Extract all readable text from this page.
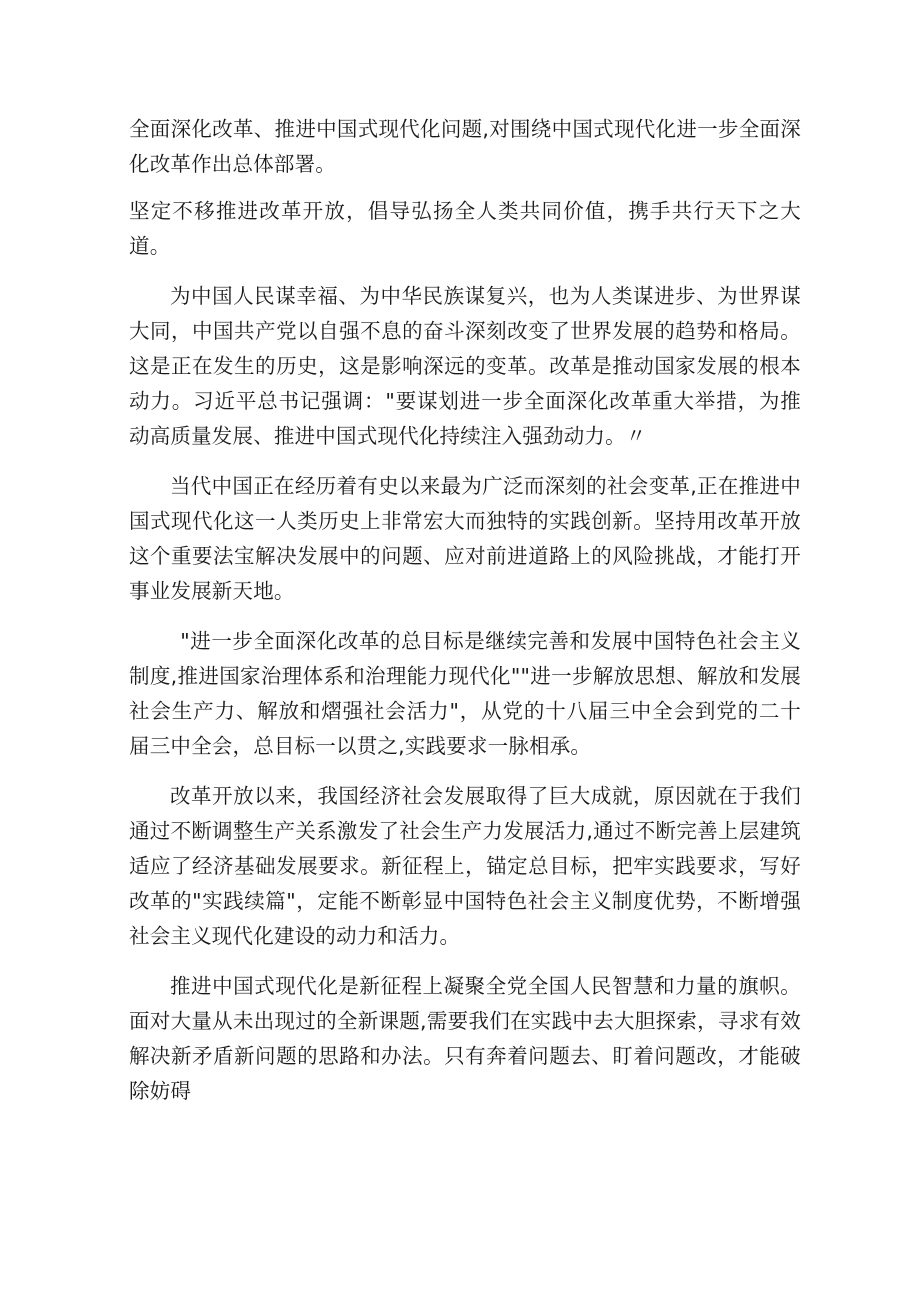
全面深化改革、推进中国式现代化问题,对围绕中国式现代化进一步全面深化改革作出总体部署。

坚定不移推进改革开放，倡导弘扬全人类共同价值，携手共行天下之大道。

为中国人民谋幸福、为中华民族谋复兴，也为人类谋进步、为世界谋大同，中国共产党以自强不息的奋斗深刻改变了世界发展的趋势和格局。这是正在发生的历史，这是影响深远的变革。改革是推动国家发展的根本动力。习近平总书记强调："要谋划进一步全面深化改革重大举措，为推动高质量发展、推进中国式现代化持续注入强劲动力。〃

当代中国正在经历着有史以来最为广泛而深刻的社会变革,正在推进中国式现代化这一人类历史上非常宏大而独特的实践创新。坚持用改革开放这个重要法宝解决发展中的问题、应对前进道路上的风险挑战，才能打开事业发展新天地。

"进一步全面深化改革的总目标是继续完善和发展中国特色社会主义制度,推进国家治理体系和治理能力现代化""进一步解放思想、解放和发展社会生产力、解放和熠强社会活力"，从党的十八届三中全会到党的二十届三中全会，总目标一以贯之,实践要求一脉相承。

改革开放以来，我国经济社会发展取得了巨大成就，原因就在于我们通过不断调整生产关系激发了社会生产力发展活力,通过不断完善上层建筑适应了经济基础发展要求。新征程上，锚定总目标，把牢实践要求，写好改革的"实践续篇"，定能不断彰显中国特色社会主义制度优势，不断增强社会主义现代化建设的动力和活力。

推进中国式现代化是新征程上凝聚全党全国人民智慧和力量的旗帜。面对大量从未出现过的全新课题,需要我们在实践中去大胆探索，寻求有效解决新矛盾新问题的思路和办法。只有奔着问题去、盯着问题改，才能破除妨碍
